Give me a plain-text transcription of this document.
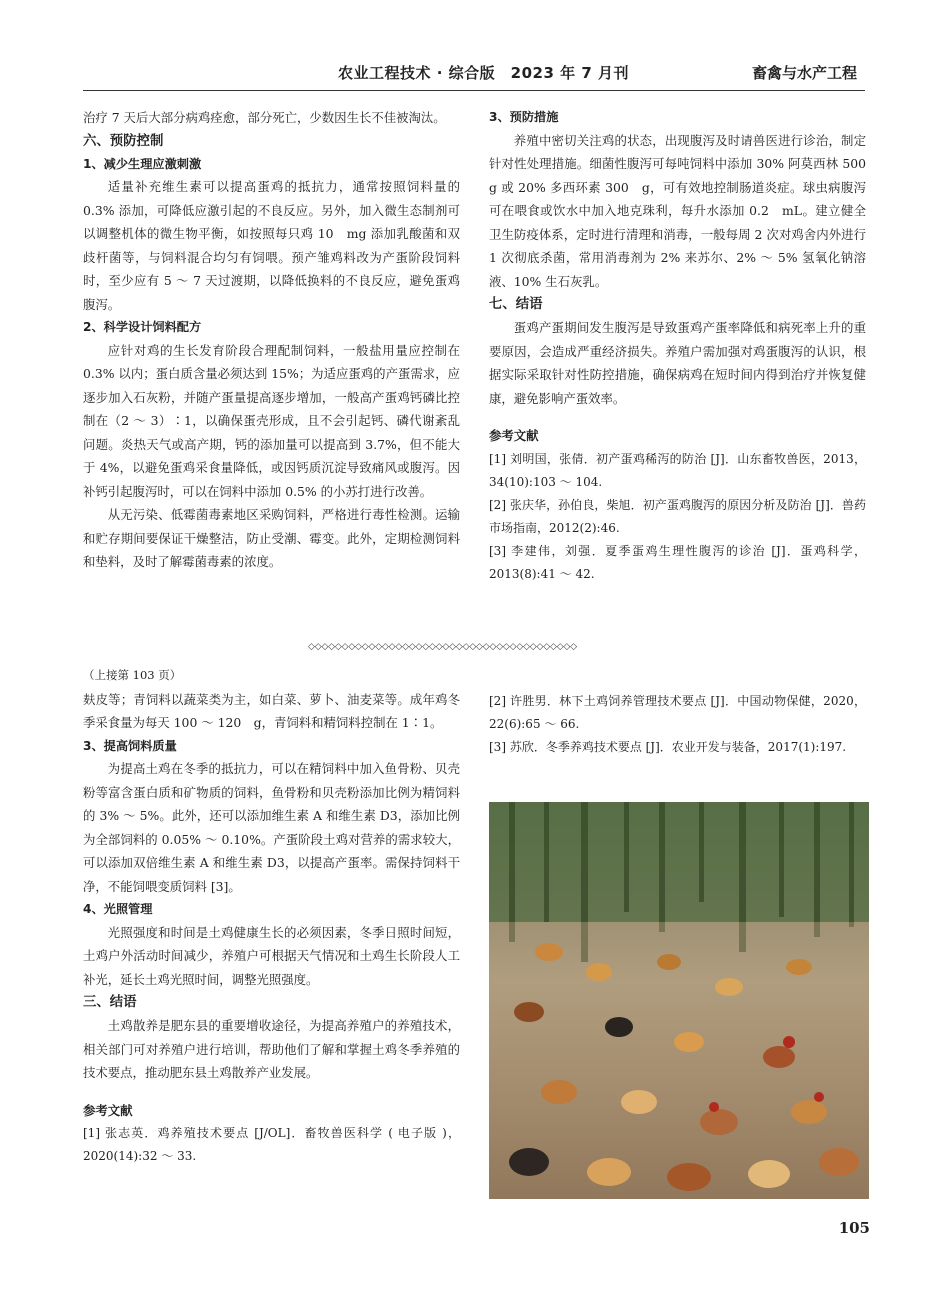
农业工程技术 · 综合版　2023 年 7 月刊	畜禽与水产工程

治疗 7 天后大部分病鸡痊愈，部分死亡，少数因生长不佳被淘汰。

六、预防控制

1、减少生理应激刺激

适量补充维生素可以提高蛋鸡的抵抗力，通常按照饲料量的 0.3% 添加，可降低应激引起的不良反应。另外，加入微生态制剂可以调整机体的微生物平衡，如按照每只鸡 10　mg 添加乳酸菌和双歧杆菌等，与饲料混合均匀有饲喂。预产雏鸡料改为产蛋阶段饲料时，至少应有 5 ～ 7 天过渡期，以降低换料的不良反应，避免蛋鸡腹泻。

2、科学设计饲料配方

应针对鸡的生长发育阶段合理配制饲料，一般盐用量应控制在 0.3% 以内；蛋白质含量必须达到 15%；为适应蛋鸡的产蛋需求，应逐步加入石灰粉，并随产蛋量提高逐步增加，一般高产蛋鸡钙磷比控制在（2 ～ 3）∶1，以确保蛋壳形成，且不会引起钙、磷代谢紊乱问题。炎热天气或高产期，钙的添加量可以提高到 3.7%，但不能大于 4%，以避免蛋鸡采食量降低，或因钙质沉淀导致痛风或腹泻。因补钙引起腹泻时，可以在饲料中添加 0.5% 的小苏打进行改善。

从无污染、低霉菌毒素地区采购饲料，严格进行毒性检测。运输和贮存期间要保证干燥整洁，防止受潮、霉变。此外，定期检测饲料和垫料，及时了解霉菌毒素的浓度。

3、预防措施

养殖中密切关注鸡的状态，出现腹泻及时请兽医进行诊治，制定针对性处理措施。细菌性腹泻可每吨饲料中添加 30% 阿莫西林 500　g 或 20% 多西环素 300　g，可有效地控制肠道炎症。球虫病腹泻可在喂食或饮水中加入地克珠利，每升水添加 0.2　mL。建立健全卫生防疫体系，定时进行清理和消毒，一般每周 2 次对鸡舍内外进行 1 次彻底杀菌，常用消毒剂为 2% 来苏尔、2% ～ 5% 氢氧化钠溶液、10% 生石灰乳。

七、结语

蛋鸡产蛋期间发生腹泻是导致蛋鸡产蛋率降低和病死率上升的重要原因，会造成严重经济损失。养殖户需加强对鸡蛋腹泻的认识，根据实际采取针对性防控措施，确保病鸡在短时间内得到治疗并恢复健康，避免影响产蛋效率。

参考文献

[1] 刘明国，张倩．初产蛋鸡稀泻的防治 [J]．山东畜牧兽医，2013，34(10):103 ～ 104.

[2] 张庆华，孙伯良，柴旭．初产蛋鸡腹泻的原因分析及防治 [J]．兽药市场指南，2012(2):46.

[3] 李建伟，刘强．夏季蛋鸡生理性腹泻的诊治 [J]．蛋鸡科学，2013(8):41 ～ 42.

◇◇◇◇◇◇◇◇◇◇◇◇◇◇◇◇◇◇◇◇◇◇◇◇◇◇◇◇◇◇◇◇◇◇◇◇◇◇◇◇

（上接第 103 页）

麸皮等；青饲料以蔬菜类为主，如白菜、萝卜、油麦菜等。成年鸡冬季采食量为每天 100 ～ 120　g，青饲料和精饲料控制在 1∶1。

3、提高饲料质量

为提高土鸡在冬季的抵抗力，可以在精饲料中加入鱼骨粉、贝壳粉等富含蛋白质和矿物质的饲料，鱼骨粉和贝壳粉添加比例为精饲料的 3% ～ 5%。此外，还可以添加维生素 A 和维生素 D3，添加比例为全部饲料的 0.05% ～ 0.10%。产蛋阶段土鸡对营养的需求较大，可以添加双倍维生素 A 和维生素 D3，以提高产蛋率。需保持饲料干净，不能饲喂变质饲料 [3]。

4、光照管理

光照强度和时间是土鸡健康生长的必须因素，冬季日照时间短，土鸡户外活动时间减少，养殖户可根据天气情况和土鸡生长阶段人工补光，延长土鸡光照时间，调整光照强度。

三、结语

土鸡散养是肥东县的重要增收途径，为提高养殖户的养殖技术，相关部门可对养殖户进行培训，帮助他们了解和掌握土鸡冬季养殖的技术要点，推动肥东县土鸡散养产业发展。

参考文献

[1] 张志英．鸡养殖技术要点 [J/OL]．畜牧兽医科学 ( 电子版 )，2020(14):32 ～ 33.

[2] 许胜男．林下土鸡饲养管理技术要点 [J]．中国动物保健，2020，22(6):65 ～ 66.

[3] 苏欣．冬季养鸡技术要点 [J]．农业开发与装备，2017(1):197.

105
